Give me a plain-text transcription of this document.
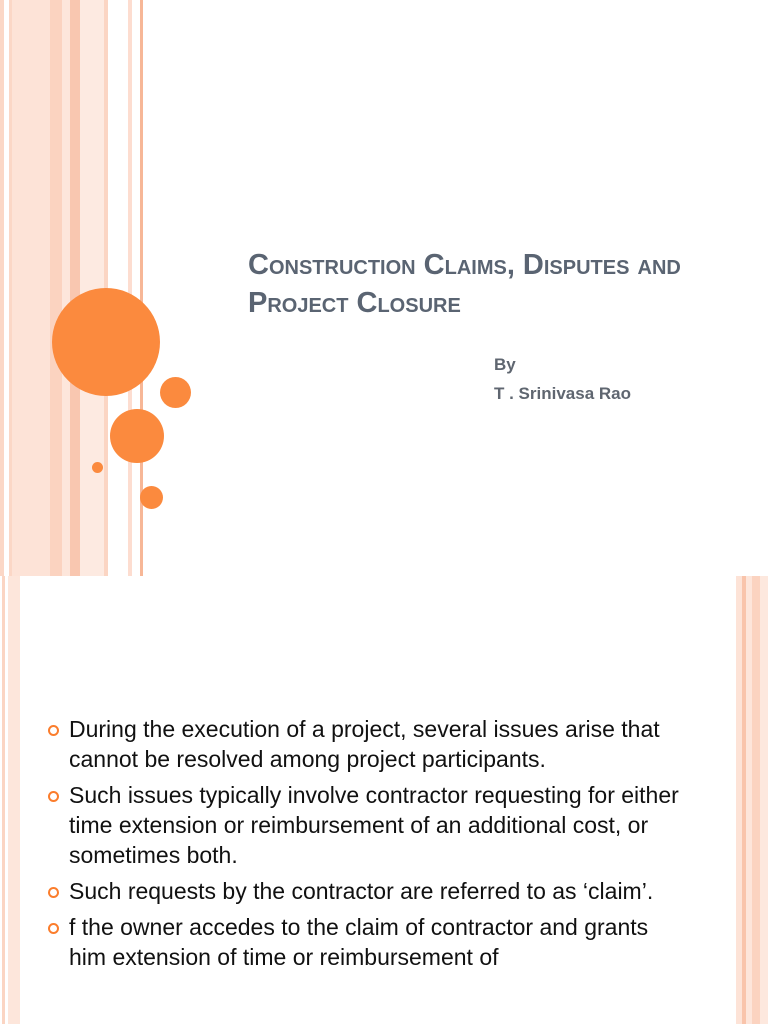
Construction Claims, Disputes and Project Closure
By
T . Srinivasa Rao
During the execution of a project, several issues arise that cannot be resolved among project participants.
Such issues typically involve contractor requesting for either time extension or reimbursement of an additional cost, or sometimes both.
Such requests by the contractor are referred to as ‘claim’.
f the owner accedes to the claim of contractor and grants him extension of time or reimbursement of
